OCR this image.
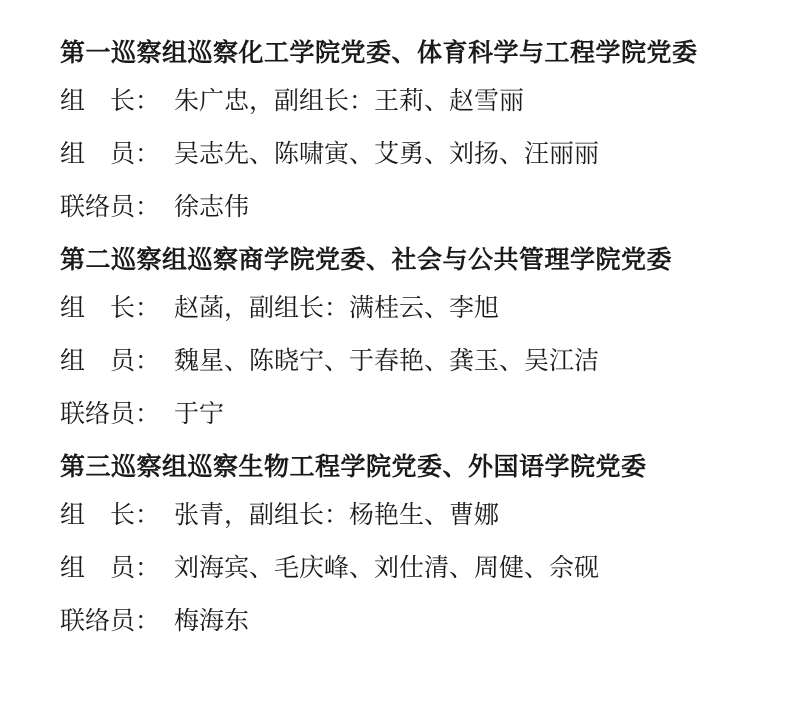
第一巡察组巡察化工学院党委、体育科学与工程学院党委
组　长： 朱广忠，副组长：王莉、赵雪丽
组　员： 吴志先、陈啸寅、艾勇、刘扬、汪丽丽
联络员： 徐志伟
第二巡察组巡察商学院党委、社会与公共管理学院党委
组　长： 赵菡，副组长：满桂云、李旭
组　员： 魏星、陈晓宁、于春艳、龚玉、吴江洁
联络员： 于宁
第三巡察组巡察生物工程学院党委、外国语学院党委
组　长： 张青，副组长：杨艳生、曹娜
组　员： 刘海宾、毛庆峰、刘仕清、周健、佘砚
联络员： 梅海东
